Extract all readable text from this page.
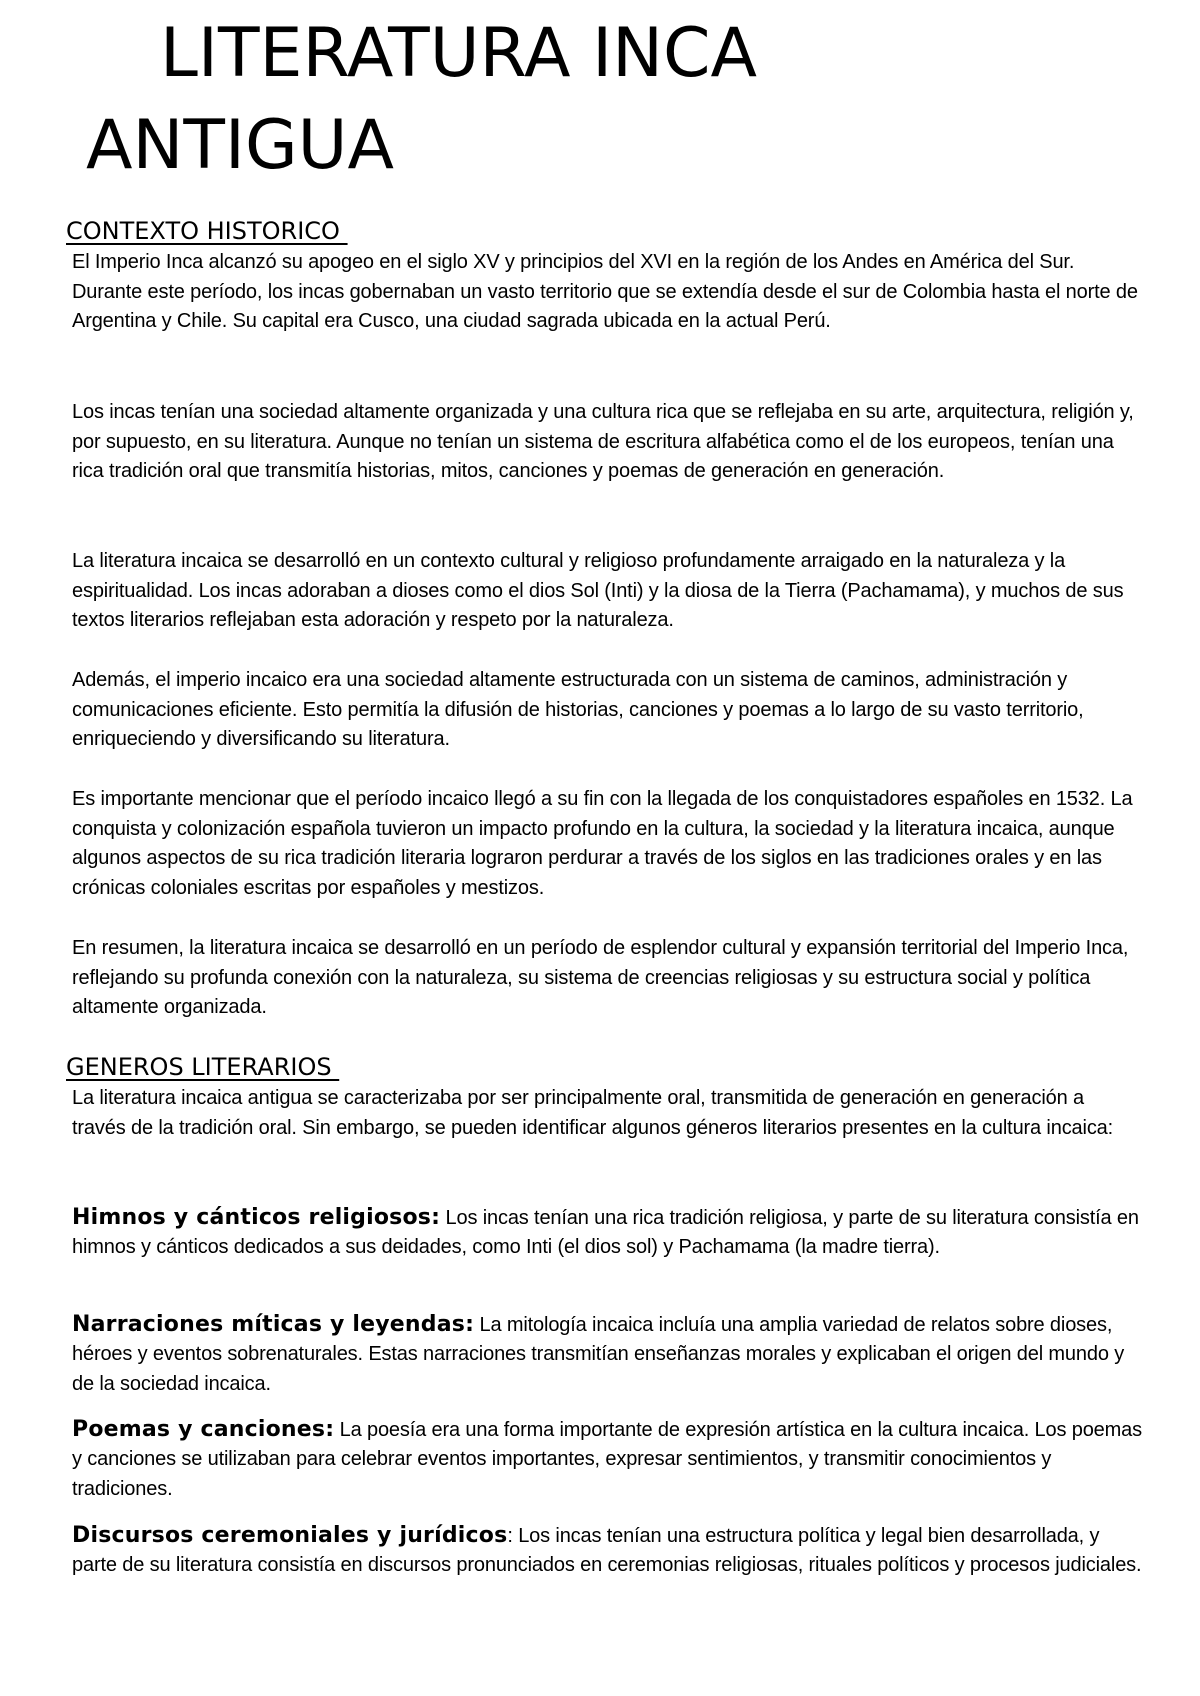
LITERATURA INCA
ANTIGUA
CONTEXTO HISTORICO

El Imperio Inca alcanzó su apogeo en el siglo XV y principios del XVI en la región de los Andes en América del Sur. Durante este período, los incas gobernaban un vasto territorio que se extendía desde el sur de Colombia hasta el norte de Argentina y Chile. Su capital era Cusco, una ciudad sagrada ubicada en la actual Perú.

Los incas tenían una sociedad altamente organizada y una cultura rica que se reflejaba en su arte, arquitectura, religión y, por supuesto, en su literatura. Aunque no tenían un sistema de escritura alfabética como el de los europeos, tenían una rica tradición oral que transmitía historias, mitos, canciones y poemas de generación en generación.

La literatura incaica se desarrolló en un contexto cultural y religioso profundamente arraigado en la naturaleza y la espiritualidad. Los incas adoraban a dioses como el dios Sol (Inti) y la diosa de la Tierra (Pachamama), y muchos de sus textos literarios reflejaban esta adoración y respeto por la naturaleza.

Además, el imperio incaico era una sociedad altamente estructurada con un sistema de caminos, administración y comunicaciones eficiente. Esto permitía la difusión de historias, canciones y poemas a lo largo de su vasto territorio, enriqueciendo y diversificando su literatura.

Es importante mencionar que el período incaico llegó a su fin con la llegada de los conquistadores españoles en 1532. La conquista y colonización española tuvieron un impacto profundo en la cultura, la sociedad y la literatura incaica, aunque algunos aspectos de su rica tradición literaria lograron perdurar a través de los siglos en las tradiciones orales y en las crónicas coloniales escritas por españoles y mestizos.

En resumen, la literatura incaica se desarrolló en un período de esplendor cultural y expansión territorial del Imperio Inca, reflejando su profunda conexión con la naturaleza, su sistema de creencias religiosas y su estructura social y política altamente organizada.

GENEROS LITERARIOS

La literatura incaica antigua se caracterizaba por ser principalmente oral, transmitida de generación en generación a través de la tradición oral. Sin embargo, se pueden identificar algunos géneros literarios presentes en la cultura incaica:

Himnos y cánticos religiosos: Los incas tenían una rica tradición religiosa, y parte de su literatura consistía en himnos y cánticos dedicados a sus deidades, como Inti (el dios sol) y Pachamama (la madre tierra).

Narraciones míticas y leyendas: La mitología incaica incluía una amplia variedad de relatos sobre dioses, héroes y eventos sobrenaturales. Estas narraciones transmitían enseñanzas morales y explicaban el origen del mundo y de la sociedad incaica.

Poemas y canciones: La poesía era una forma importante de expresión artística en la cultura incaica. Los poemas y canciones se utilizaban para celebrar eventos importantes, expresar sentimientos, y transmitir conocimientos y tradiciones.

Discursos ceremoniales y jurídicos: Los incas tenían una estructura política y legal bien desarrollada, y parte de su literatura consistía en discursos pronunciados en ceremonias religiosas, rituales políticos y procesos judiciales.
